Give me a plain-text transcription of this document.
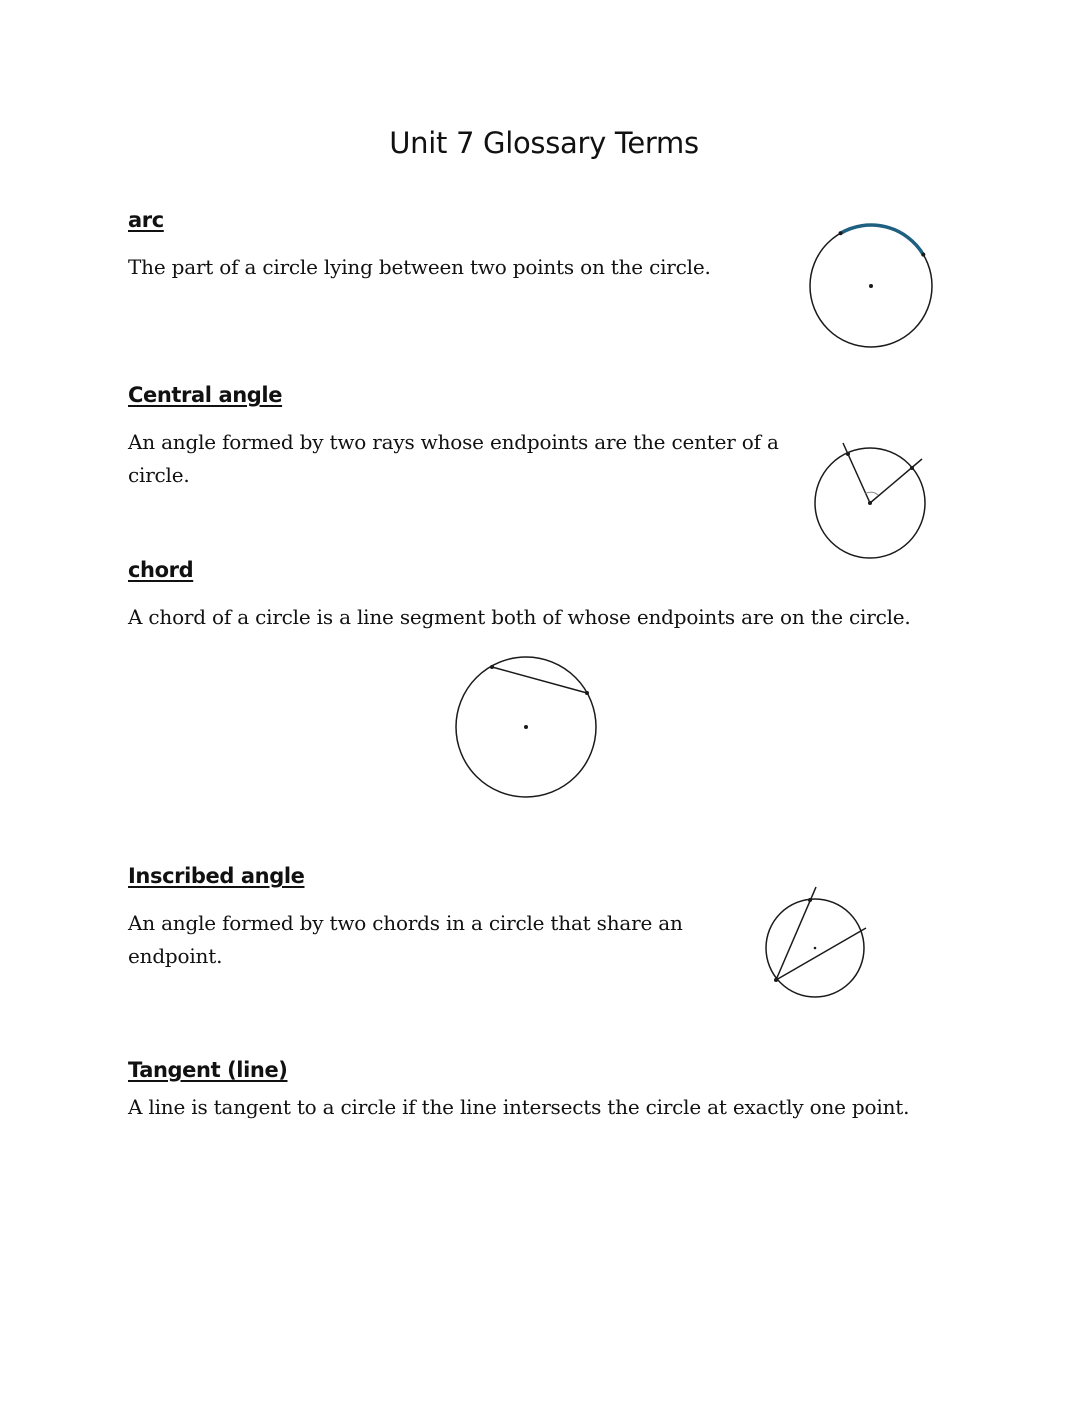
Unit 7 Glossary Terms
arc

The part of a circle lying between two points on the circle.

Central angle

An angle formed by two rays whose endpoints are the center of a circle.

chord

A chord of a circle is a line segment both of whose endpoints are on the circle.

Inscribed angle

An angle formed by two chords in a circle that share an endpoint.

Tangent (line)

A line is tangent to a circle if the line intersects the circle at exactly one point.
